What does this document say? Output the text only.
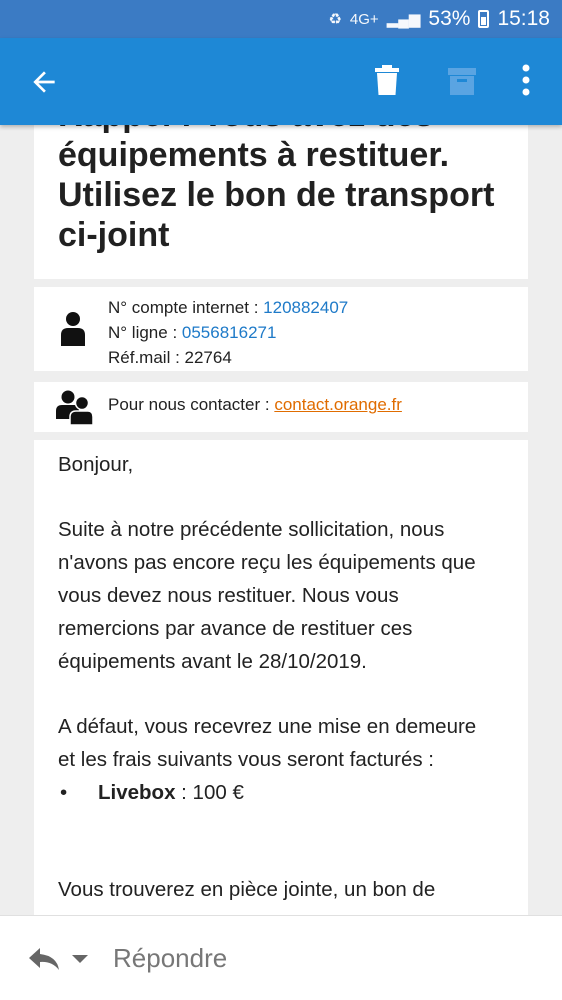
♻ 4G+ ▂▄▆ 53% 15:18
équipements à restituer.
Utilisez le bon de transport
ci-joint
N° compte internet : 120882407
N° ligne : 0556816271
Réf.mail : 22764
Pour nous contacter : contact.orange.fr

Bonjour,

Suite à notre précédente sollicitation, nous n'avons pas encore reçu les équipements que vous devez nous restituer. Nous vous remercions par avance de restituer ces équipements avant le 28/10/2019.

A défaut, vous recevrez une mise en demeure et les frais suivants vous seront facturés :

•	Livebox : 100 €

Vous trouverez en pièce jointe, un bon de

Répondre
